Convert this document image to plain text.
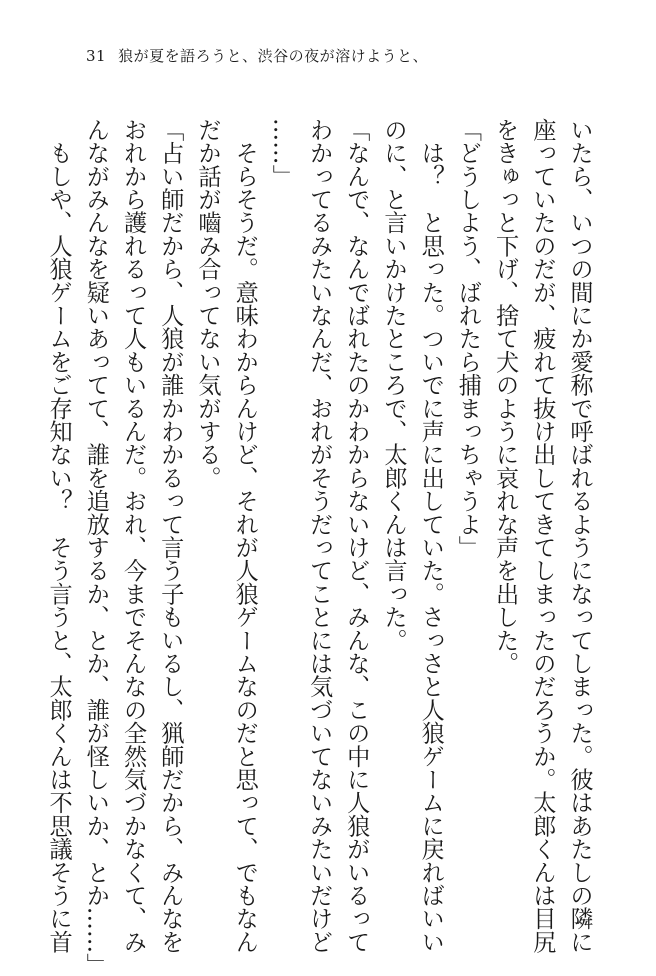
31 狼が夏を語ろうと、渋谷の夜が溶けようと、
いたら、いつの間にか愛称で呼ばれるようになってしまった。彼はあたしの隣に
座っていたのだが、疲れて抜け出してきてしまったのだろうか。太郎くんは目尻
をきゅっと下げ、捨て犬のように哀れな声を出した。
「どうしよう、ばれたら捕まっちゃうよ」
　は？　と思った。ついでに声に出していた。さっさと人狼ゲームに戻ればいい
のに、と言いかけたところで、太郎くんは言った。
「なんで、なんでばれたのかわからないけど、みんな、この中に人狼がいるって
わかってるみたいなんだ、おれがそうだってことには気づいてないみたいだけど
……」
　そらそうだ。意味わからんけど、それが人狼ゲームなのだと思って、でもなん
だか話が嚙み合ってない気がする。
「占い師だから、人狼が誰かわかるって言う子もいるし、猟師だから、みんなを
おれから護れるって人もいるんだ。おれ、今までそんなの全然気づかなくて、み
んながみんなを疑いあってて、誰を追放するか、とか、誰が怪しいか、とか……」
　もしや、人狼ゲームをご存知ない？　そう言うと、太郎くんは不思議そうに首
